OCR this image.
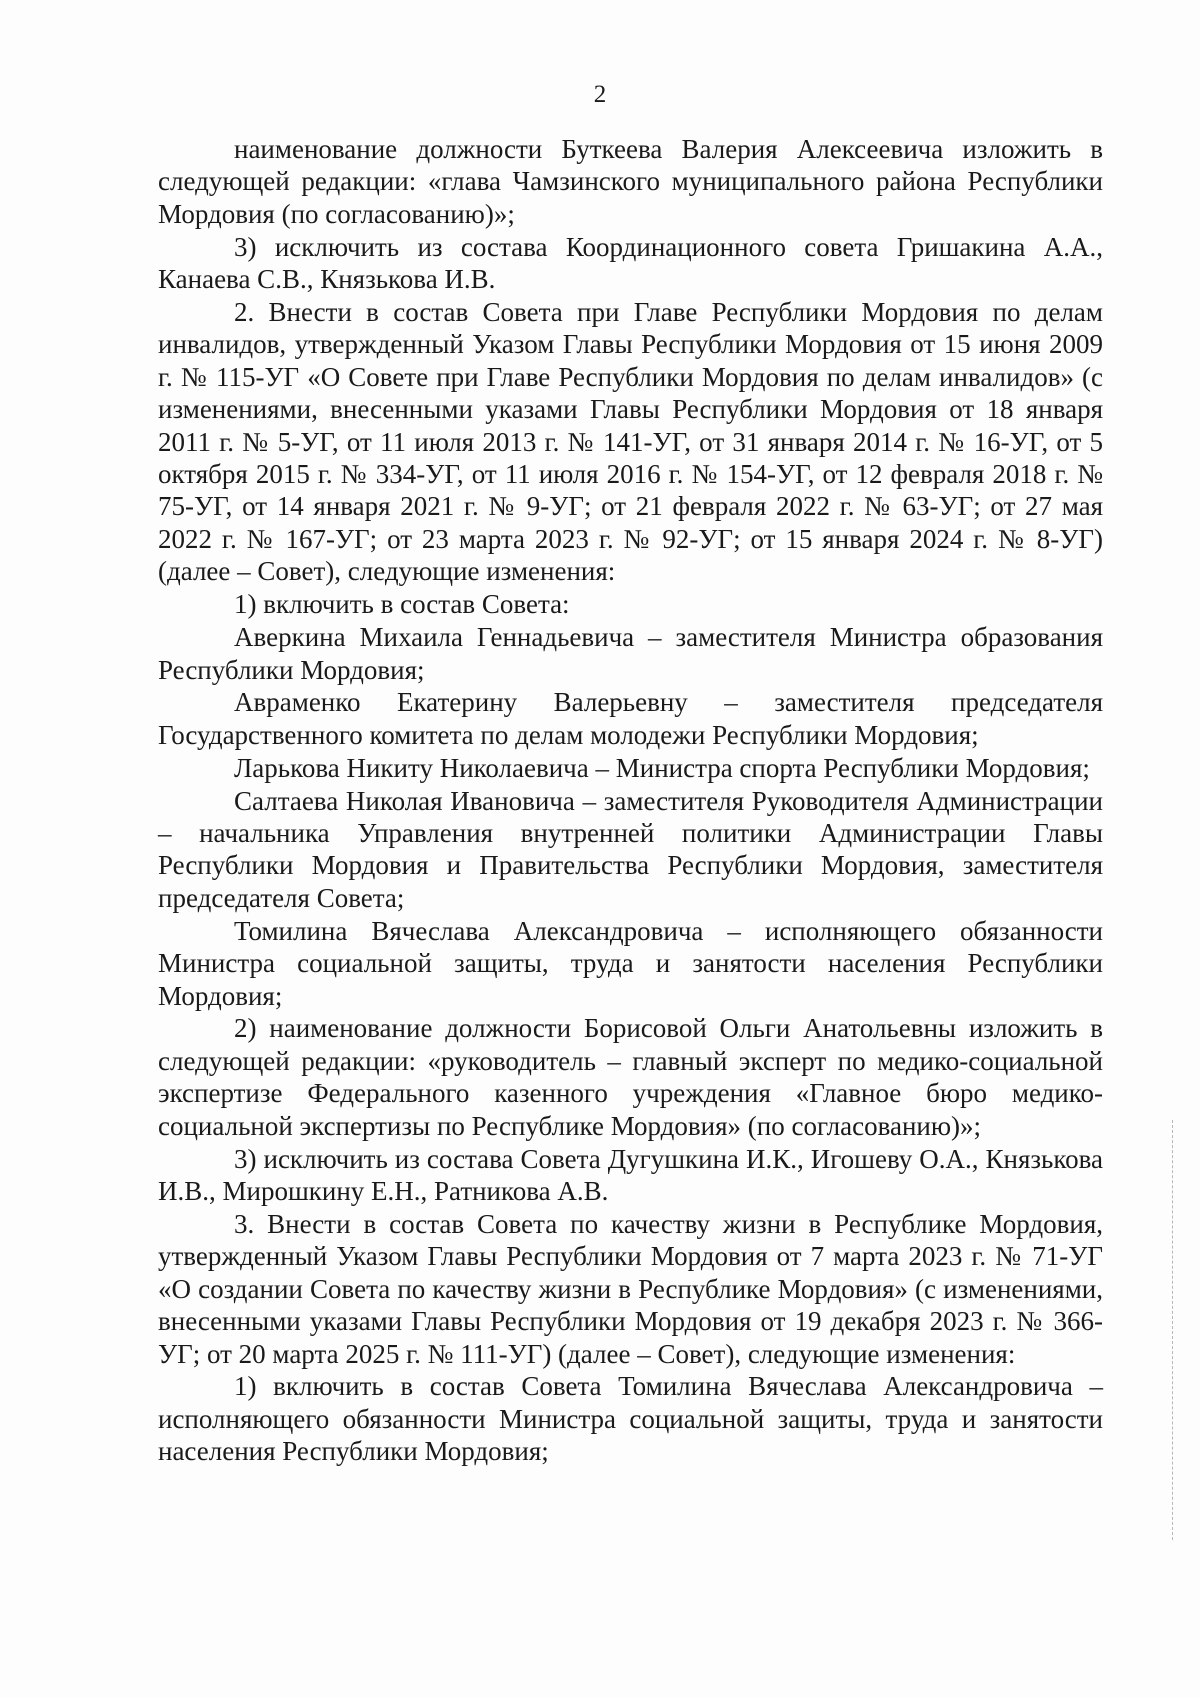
2

наименование должности Буткеева Валерия Алексеевича изложить в следующей редакции: «глава Чамзинского муниципального района Республики Мордовия (по согласованию)»;

3) исключить из состава Координационного совета Гришакина А.А., Канаева С.В., Князькова И.В.

2. Внести в состав Совета при Главе Республики Мордовия по делам инвалидов, утвержденный Указом Главы Республики Мордовия от 15 июня 2009 г. № 115-УГ «О Совете при Главе Республики Мордовия по делам инвалидов» (с изменениями, внесенными указами Главы Республики Мордовия от 18 января 2011 г. № 5-УГ, от 11 июля 2013 г. № 141-УГ, от 31 января 2014 г. № 16-УГ, от 5 октября 2015 г. № 334-УГ, от 11 июля 2016 г. № 154-УГ, от 12 февраля 2018 г. № 75-УГ, от 14 января 2021 г. № 9-УГ; от 21 февраля 2022 г. № 63-УГ; от 27 мая 2022 г. № 167-УГ; от 23 марта 2023 г. № 92-УГ; от 15 января 2024 г. № 8-УГ) (далее – Совет), следующие изменения:

1) включить в состав Совета:

Аверкина Михаила Геннадьевича – заместителя Министра образования Республики Мордовия;

Авраменко Екатерину Валерьевну – заместителя председателя Государственного комитета по делам молодежи Республики Мордовия;

Ларькова Никиту Николаевича – Министра спорта Республики Мордовия;

Салтаева Николая Ивановича – заместителя Руководителя Администрации – начальника Управления внутренней политики Администрации Главы Республики Мордовия и Правительства Республики Мордовия, заместителя председателя Совета;

Томилина Вячеслава Александровича – исполняющего обязанности Министра социальной защиты, труда и занятости населения Республики Мордовия;

2) наименование должности Борисовой Ольги Анатольевны изложить в следующей редакции: «руководитель – главный эксперт по медико-социальной экспертизе Федерального казенного учреждения «Главное бюро медико-социальной экспертизы по Республике Мордовия» (по согласованию)»;

3) исключить из состава Совета Дугушкина И.К., Игошеву О.А., Князькова И.В., Мирошкину Е.Н., Ратникова А.В.

3. Внести в состав Совета по качеству жизни в Республике Мордовия, утвержденный Указом Главы Республики Мордовия от 7 марта 2023 г. № 71-УГ «О создании Совета по качеству жизни в Республике Мордовия» (с изменениями, внесенными указами Главы Республики Мордовия от 19 декабря 2023 г. № 366-УГ; от 20 марта 2025 г. № 111-УГ) (далее – Совет), следующие изменения:

1) включить в состав Совета Томилина Вячеслава Александровича – исполняющего обязанности Министра социальной защиты, труда и занятости населения Республики Мордовия;
